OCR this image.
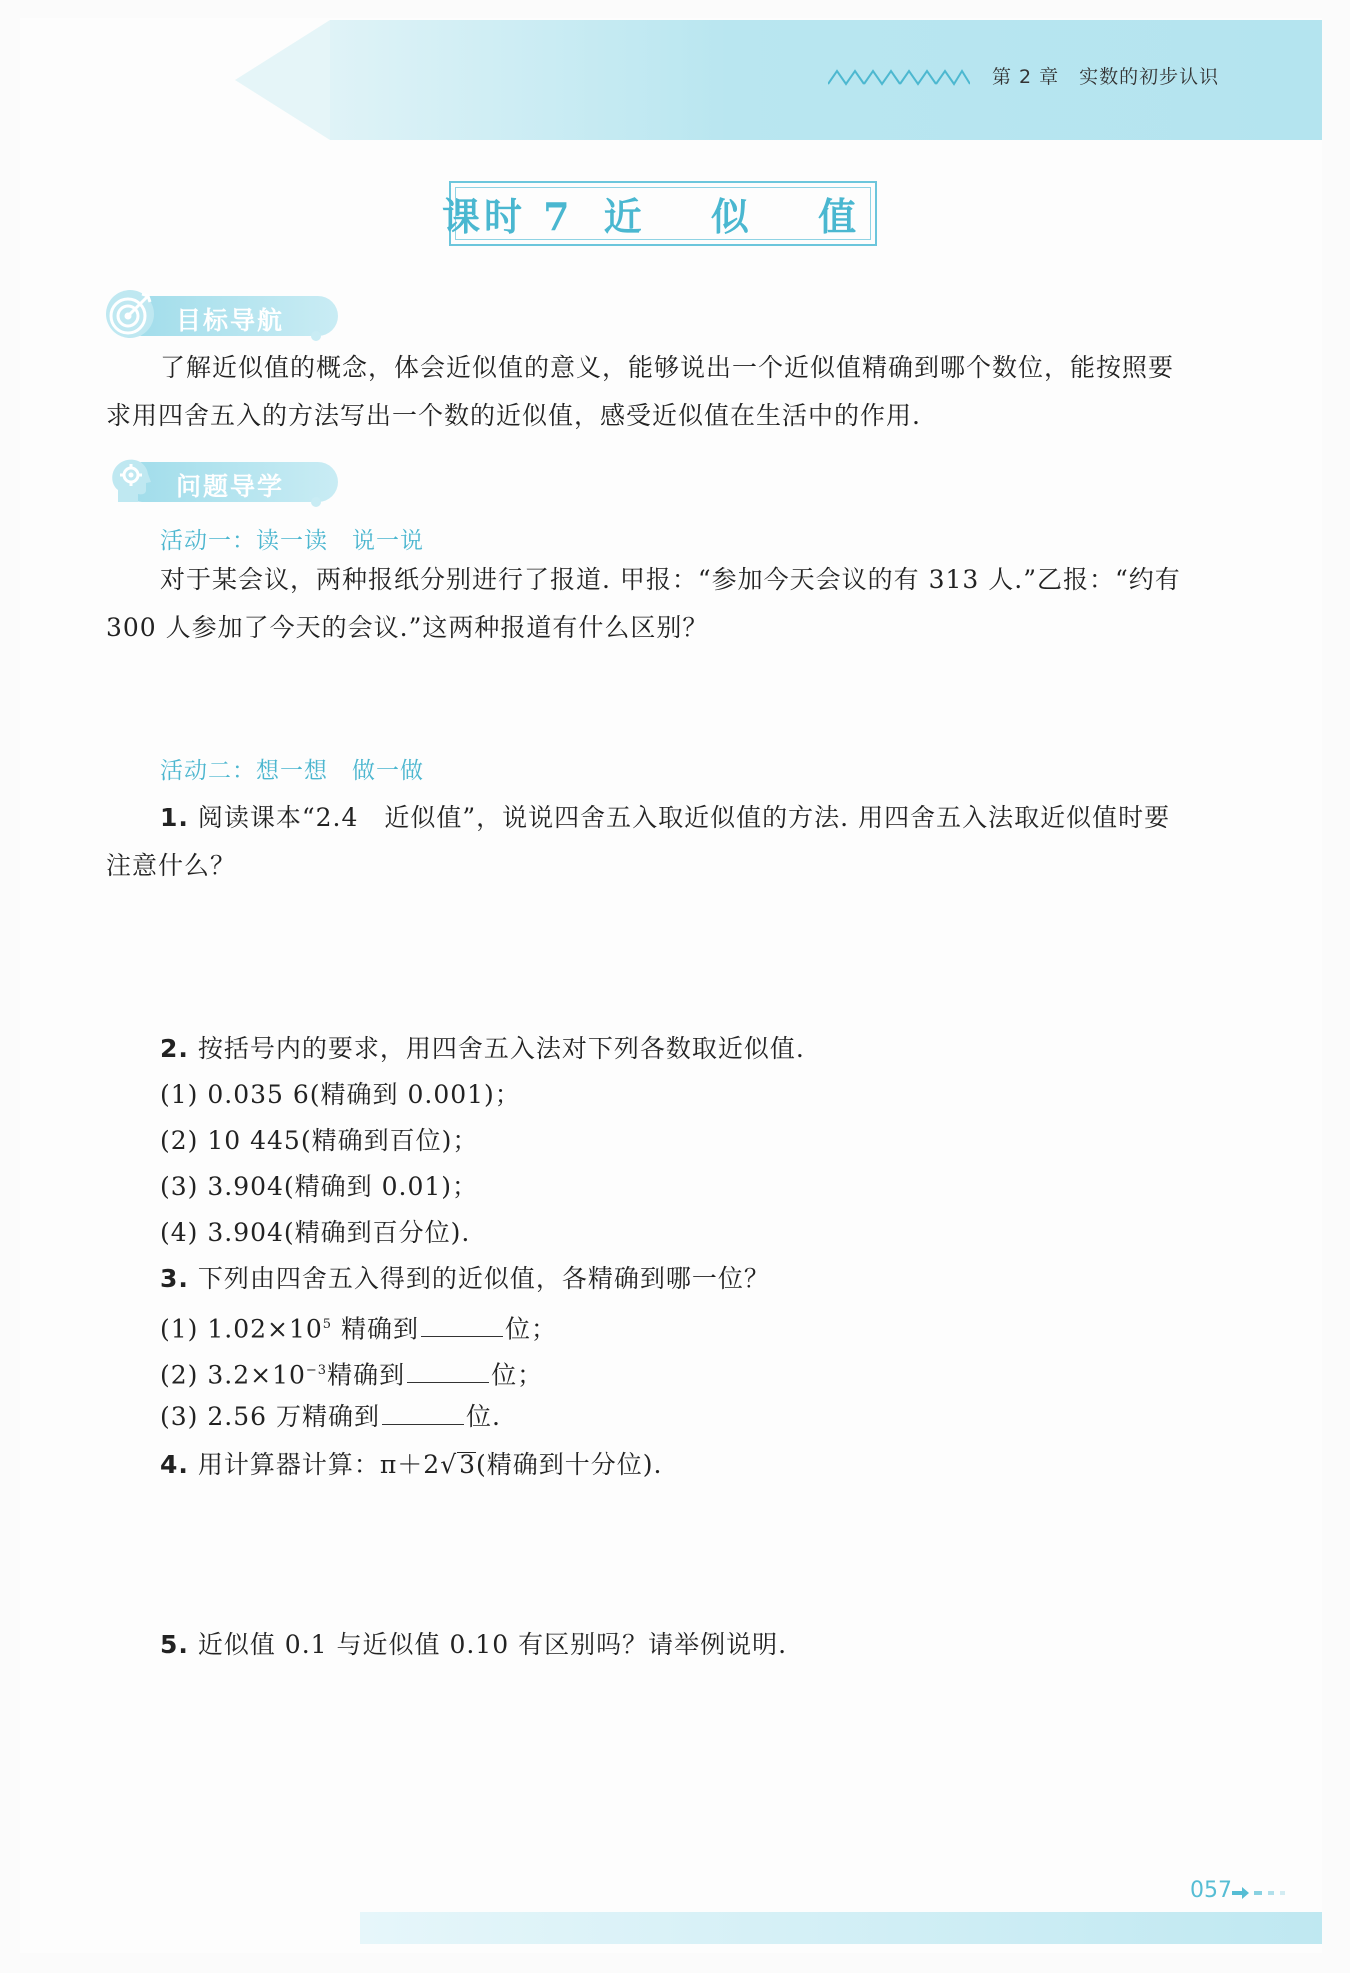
第 2 章 实数的初步认识
课时 7 近 似 值
目标导航
了解近似值的概念，体会近似值的意义，能够说出一个近似值精确到哪个数位，能按照要
求用四舍五入的方法写出一个数的近似值，感受近似值在生活中的作用.
问题导学
活动一：读一读　说一说
对于某会议，两种报纸分别进行了报道. 甲报：“参加今天会议的有 313 人.”乙报：“约有
300 人参加了今天的会议.”这两种报道有什么区别？
活动二：想一想　做一做
1. 阅读课本“2.4　近似值”，说说四舍五入取近似值的方法. 用四舍五入法取近似值时要
注意什么？
2. 按括号内的要求，用四舍五入法对下列各数取近似值.
(1) 0.035 6(精确到 0.001)；
(2) 10 445(精确到百位)；
(3) 3.904(精确到 0.01)；
(4) 3.904(精确到百分位).
3. 下列由四舍五入得到的近似值，各精确到哪一位？
(1) $1.02\times 10^5$ 精确到	位；
(2) $3.2\times 10^{-3}$精确到	位；
(3) 2.56 万精确到	位.
4. 用计算器计算：π＋2√3(精确到十分位).
5. 近似值 0.1 与近似值 0.10 有区别吗？请举例说明.
057
